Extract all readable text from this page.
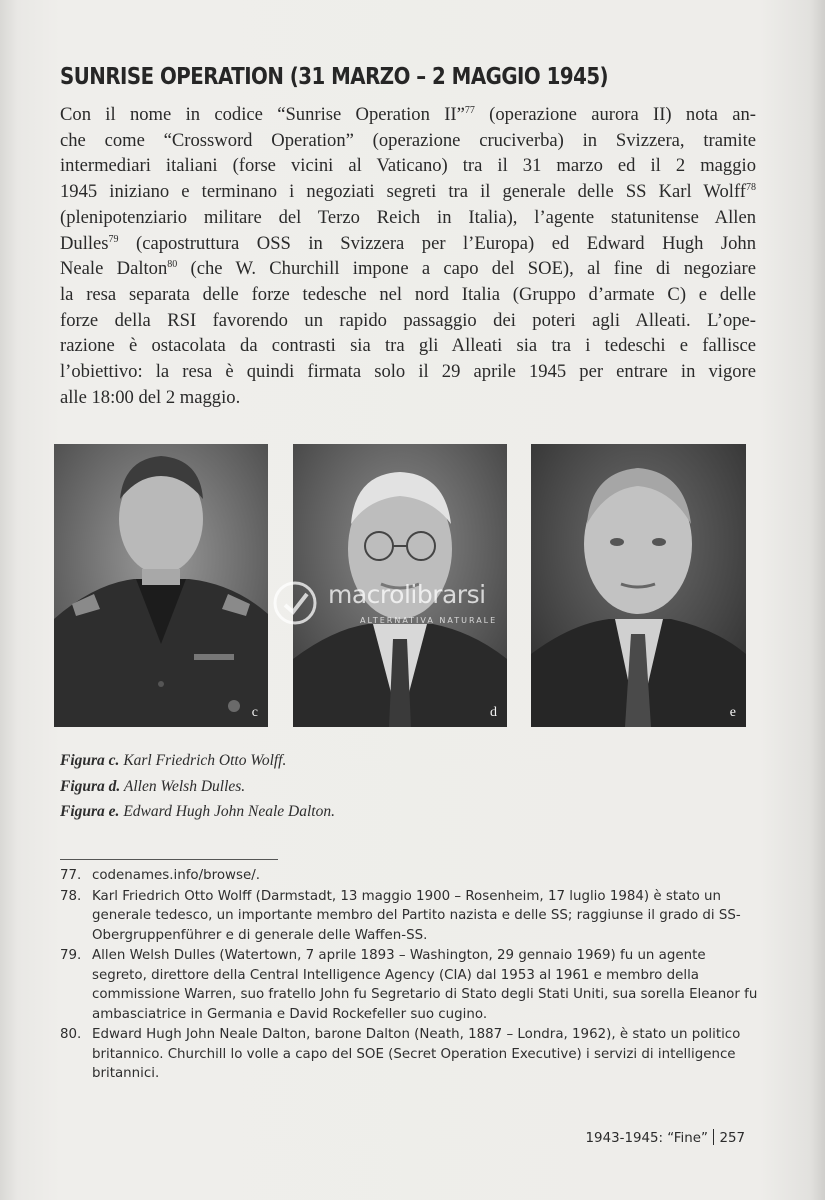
SUNRISE OPERATION (31 MARZO – 2 MAGGIO 1945)
Con il nome in codice “Sunrise Operation II”$^{77}$ (operazione aurora II) nota an-
che come “Crossword Operation” (operazione cruciverba) in Svizzera, tramite
intermediari italiani (forse vicini al Vaticano) tra il 31 marzo ed il 2 maggio
1945 iniziano e terminano i negoziati segreti tra il generale delle SS Karl Wolff$^{78}$
(plenipotenziario militare del Terzo Reich in Italia), l’agente statunitense Allen
Dulles$^{79}$ (capostruttura OSS in Svizzera per l’Europa) ed Edward Hugh John
Neale Dalton$^{80}$ (che W. Churchill impone a capo del SOE), al fine di negoziare
la resa separata delle forze tedesche nel nord Italia (Gruppo d’armate C) e delle
forze della RSI favorendo un rapido passaggio dei poteri agli Alleati. L’ope-
razione è ostacolata da contrasti sia tra gli Alleati sia tra i tedeschi e fallisce
l’obiettivo: la resa è quindi firmata solo il 29 aprile 1945 per entrare in vigore
alle 18:00 del 2 maggio.
c	d	e
macrolibrarsi
ALTERNATIVA NATURALE
Figura c. Karl Friedrich Otto Wolff.
Figura d. Allen Welsh Dulles.
Figura e. Edward Hugh John Neale Dalton.
77. codenames.info/browse/.
78. Karl Friedrich Otto Wolff (Darmstadt, 13 maggio 1900 – Rosenheim, 17 luglio 1984) è stato un generale tedesco, un importante membro del Partito nazista e delle SS; raggiunse il grado di SS-Obergruppenführer e di generale delle Waffen-SS.
79. Allen Welsh Dulles (Watertown, 7 aprile 1893 – Washington, 29 gennaio 1969) fu un agente segreto, direttore della Central Intelligence Agency (CIA) dal 1953 al 1961 e membro della commissione Warren, suo fratello John fu Segretario di Stato degli Stati Uniti, sua sorella Eleanor fu ambasciatrice in Germania e David Rockefeller suo cugino.
80. Edward Hugh John Neale Dalton, barone Dalton (Neath, 1887 – Londra, 1962), è stato un politico britannico. Churchill lo volle a capo del SOE (Secret Operation Executive) i servizi di intelligence britannici.
1943-1945: “Fine” 257
